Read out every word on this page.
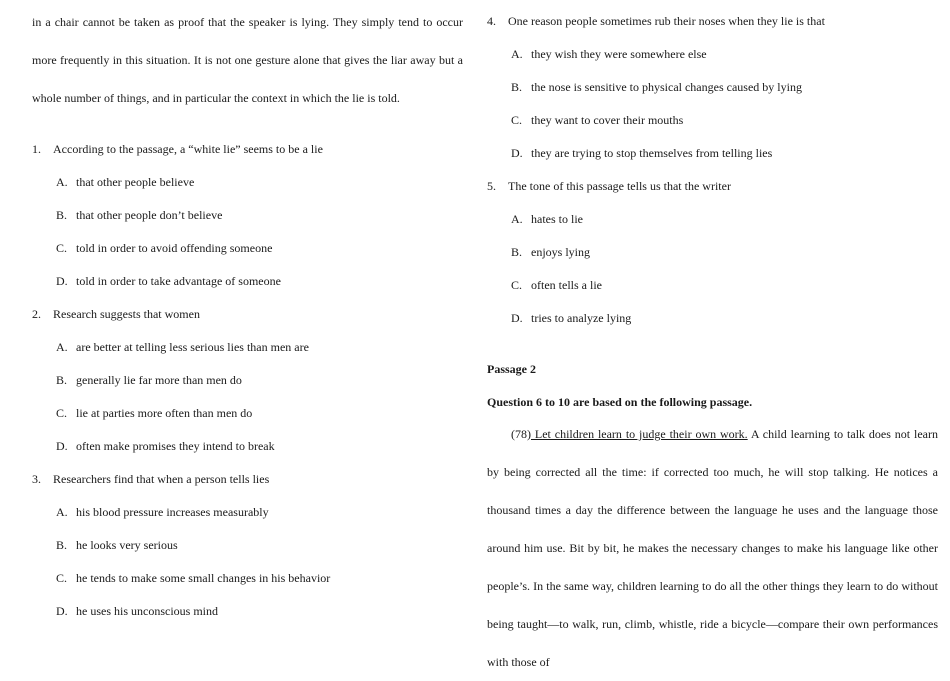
in a chair cannot be taken as proof that the speaker is lying. They simply tend to occur more frequently in this situation. It is not one gesture alone that gives the liar away but a whole number of things, and in particular the context in which the lie is told.

1.	According to the passage, a “white lie” seems to be a lie
A. that other people believe
B. that other people don’t believe
C. told in order to avoid offending someone
D. told in order to take advantage of someone
2.	Research suggests that women
A. are better at telling less serious lies than men are
B. generally lie far more than men do
C. lie at parties more often than men do
D. often make promises they intend to break
3.	Researchers find that when a person tells lies
A. his blood pressure increases measurably
B. he looks very serious
C. he tends to make some small changes in his behavior
D. he uses his unconscious mind
4.	One reason people sometimes rub their noses when they lie is that
A. they wish they were somewhere else
B. the nose is sensitive to physical changes caused by lying
C. they want to cover their mouths
D. they are trying to stop themselves from telling lies
5.	The tone of this passage tells us that the writer
A. hates to lie
B. enjoys lying
C. often tells a lie
D. tries to analyze lying
Passage 2
Question 6 to 10 are based on the following passage.

(78) Let children learn to judge their own work. A child learning to talk does not learn by being corrected all the time: if corrected too much, he will stop talking. He notices a thousand times a day the difference between the language he uses and the language those around him use. Bit by bit, he makes the necessary changes to make his language like other people’s. In the same way, children learning to do all the other things they learn to do without being taught—to walk, run, climb, whistle, ride a bicycle—compare their own performances with those of
